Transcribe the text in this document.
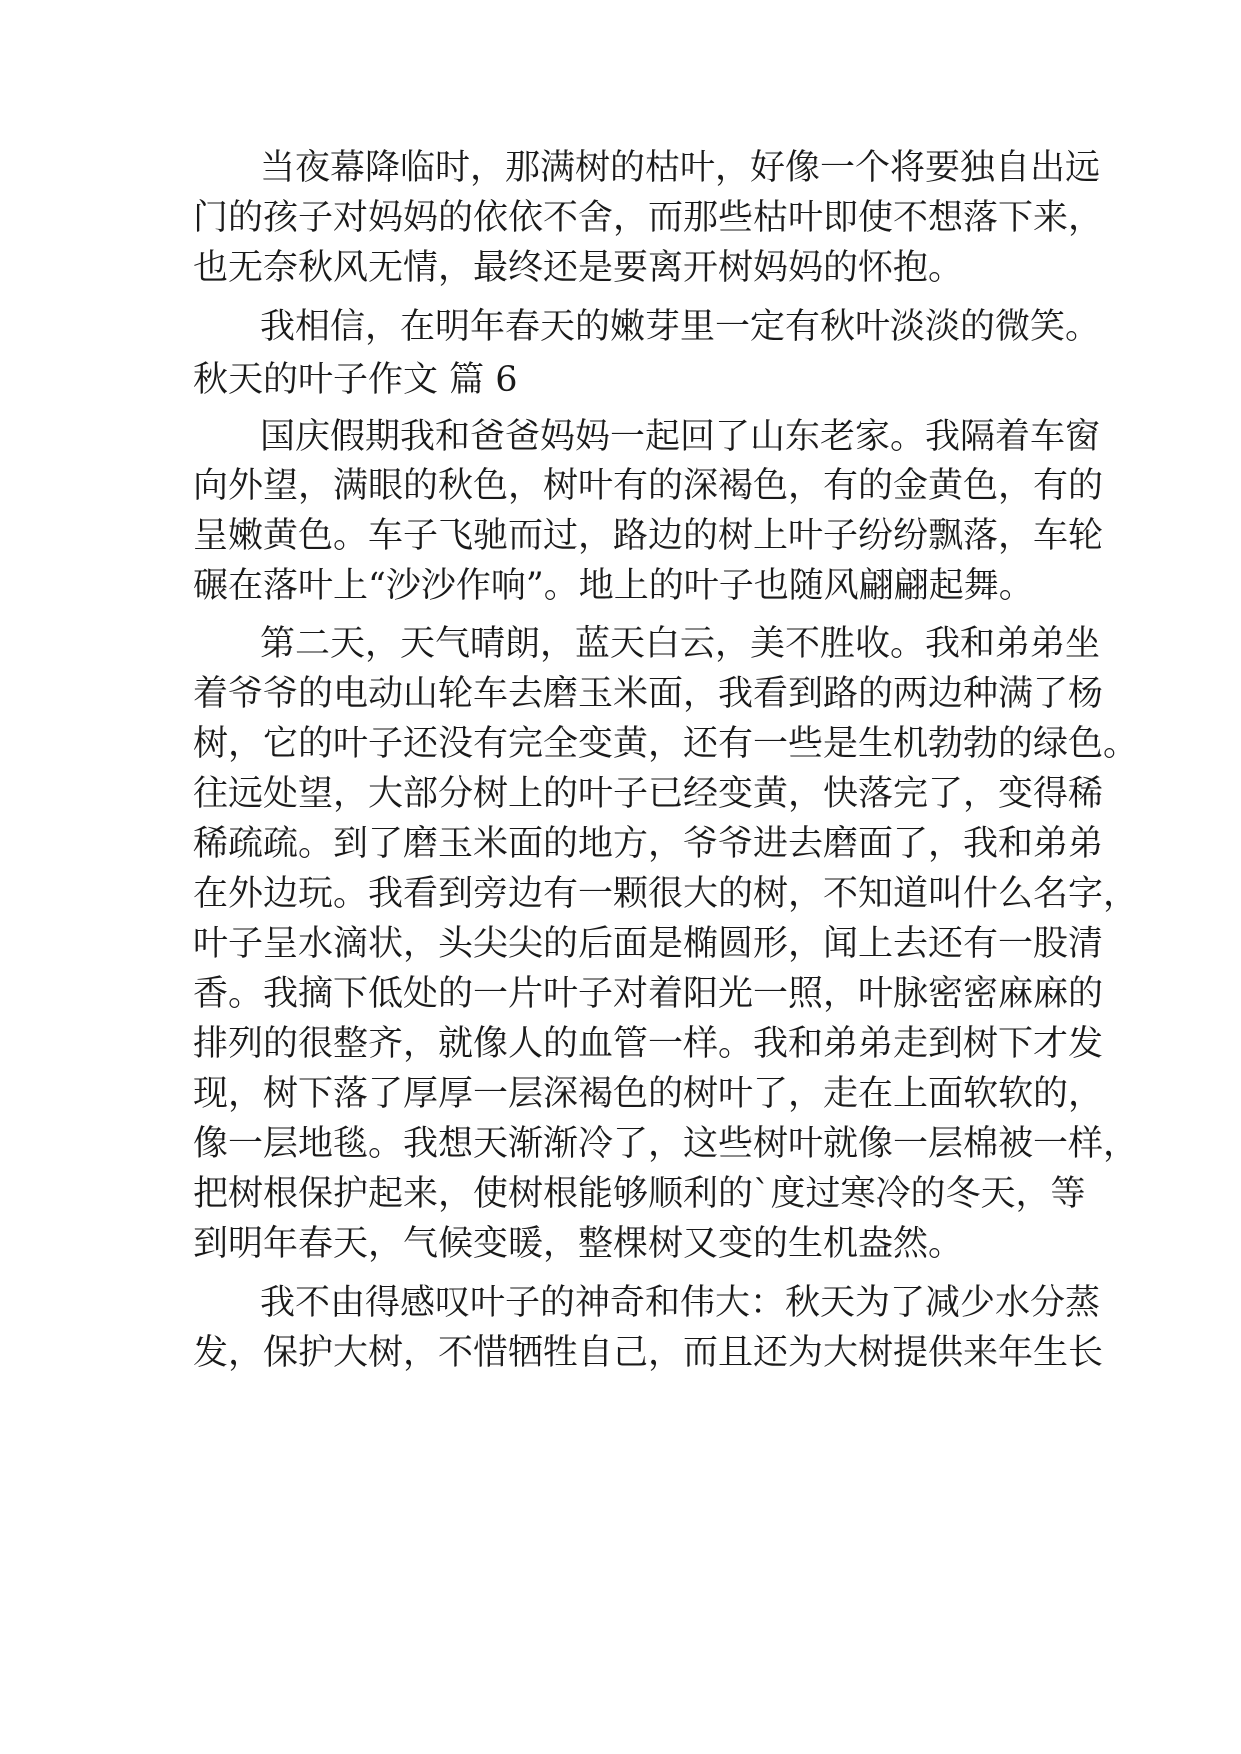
当夜幕降临时，那满树的枯叶，好像一个将要独自出远
门的孩子对妈妈的依依不舍，而那些枯叶即使不想落下来，
也无奈秋风无情，最终还是要离开树妈妈的怀抱。
我相信，在明年春天的嫩芽里一定有秋叶淡淡的微笑。
秋天的叶子作文 篇 6
国庆假期我和爸爸妈妈一起回了山东老家。我隔着车窗
向外望，满眼的秋色，树叶有的深褐色，有的金黄色，有的
呈嫩黄色。车子飞驰而过，路边的树上叶子纷纷飘落，车轮
碾在落叶上“沙沙作响”。地上的叶子也随风翩翩起舞。
第二天，天气晴朗，蓝天白云，美不胜收。我和弟弟坐
着爷爷的电动山轮车去磨玉米面，我看到路的两边种满了杨
树，它的叶子还没有完全变黄，还有一些是生机勃勃的绿色。
往远处望，大部分树上的叶子已经变黄，快落完了，变得稀
稀疏疏。到了磨玉米面的地方，爷爷进去磨面了，我和弟弟
在外边玩。我看到旁边有一颗很大的树，不知道叫什么名字，
叶子呈水滴状，头尖尖的后面是椭圆形，闻上去还有一股清
香。我摘下低处的一片叶子对着阳光一照，叶脉密密麻麻的
排列的很整齐，就像人的血管一样。我和弟弟走到树下才发
现，树下落了厚厚一层深褐色的树叶了，走在上面软软的，
像一层地毯。我想天渐渐冷了，这些树叶就像一层棉被一样，
把树根保护起来，使树根能够顺利的`度过寒冷的冬天，等
到明年春天，气候变暖，整棵树又变的生机盎然。
我不由得感叹叶子的神奇和伟大：秋天为了减少水分蒸
发，保护大树，不惜牺牲自己，而且还为大树提供来年生长
